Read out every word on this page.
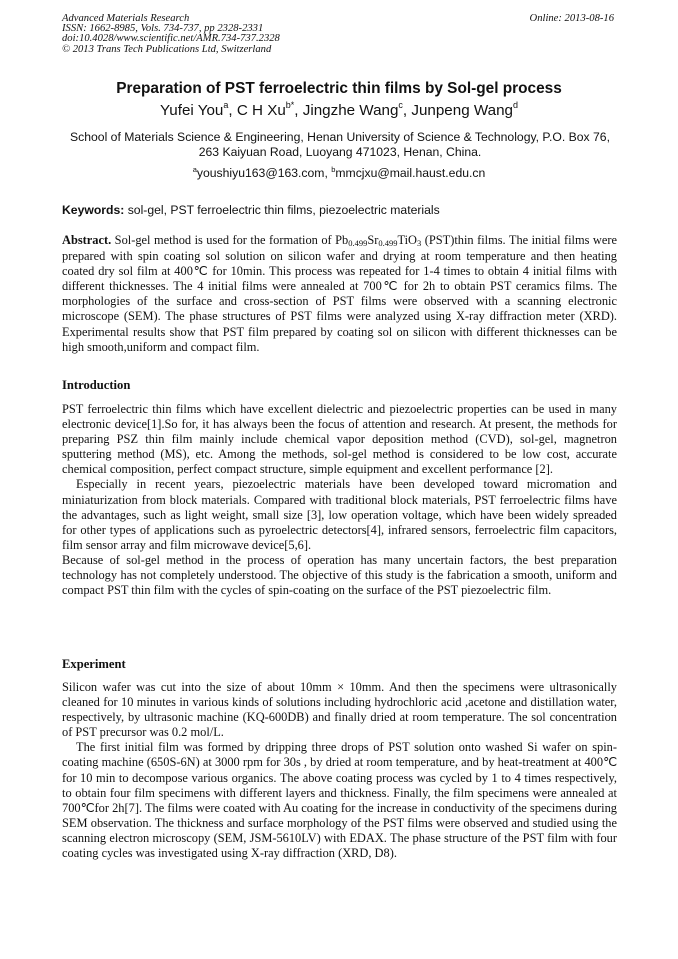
Advanced Materials Research
ISSN: 1662-8985, Vols. 734-737, pp 2328-2331
doi:10.4028/www.scientific.net/AMR.734-737.2328
© 2013 Trans Tech Publications Ltd, Switzerland
Online: 2013-08-16
Preparation of PST ferroelectric thin films by Sol-gel process
Yufei You$^a$, C H $Xu^{b*}$, Jingzhe Wang$^c$, Junpeng Wang$^d$
School of Materials Science & Engineering, Henan University of Science & Technology, P.O. Box 76, 263 Kaiyuan Road, Luoyang 471023, Henan, China.
$^a$youshiyu163@163.com, $^b$mmcjxu@mail.haust.edu.cn
Keywords: sol-gel, PST ferroelectric thin films, piezoelectric materials

Abstract. Sol-gel method is used for the formation of $Pb_{0.499}Sr_{0.499}TiO_3$ (PST)thin films. The initial films were prepared with spin coating sol solution on silicon wafer and drying at room temperature and then heating coated dry sol film at 400℃ for 10min. This process was repeated for 1-4 times to obtain 4 initial films with different thicknesses. The 4 initial films were annealed at 700℃ for 2h to obtain PST ceramics films. The morphologies of the surface and cross-section of PST films were observed with a scanning electronic microscope (SEM). The phase structures of PST films were analyzed using X-ray diffraction meter (XRD). Experimental results show that PST film prepared by coating sol on silicon with different thicknesses can be high smooth,uniform and compact film.

Introduction

PST ferroelectric thin films which have excellent dielectric and piezoelectric properties can be used in many electronic device[1].So for, it has always been the focus of attention and research. At present, the methods for preparing PSZ thin film mainly include chemical vapor deposition method (CVD), sol-gel, magnetron sputtering method (MS), etc. Among the methods, sol-gel method is considered to be low cost, accurate chemical composition, perfect compact structure, simple equipment and excellent performance [2].

Especially in recent years, piezoelectric materials have been developed toward micromation and miniaturization from block materials. Compared with traditional block materials, PST ferroelectric films have the advantages, such as light weight, small size [3], low operation voltage, which have been widely spreaded for other types of applications such as pyroelectric detectors[4], infrared sensors, ferroelectric film capacitors, film sensor array and film microwave device[5,6].

Because of sol-gel method in the process of operation has many uncertain factors, the best preparation technology has not completely understood. The objective of this study is the fabrication a smooth, uniform and compact PST thin film with the cycles of spin-coating on the surface of the PST piezoelectric film.

Experiment

Silicon wafer was cut into the size of about 10mm × 10mm. And then the specimens were ultrasonically cleaned for 10 minutes in various kinds of solutions including hydrochloric acid ,acetone and distillation water, respectively, by ultrasonic machine (KQ-600DB) and finally dried at room temperature. The sol concentration of PST precursor was 0.2 mol/L.

The first initial film was formed by dripping three drops of PST solution onto washed Si wafer on spin-coating machine (650S-6N) at 3000 rpm for 30s , by dried at room temperature, and by heat-treatment at 400℃ for 10 min to decompose various organics. The above coating process was cycled by 1 to 4 times respectively, to obtain four film specimens with different layers and thickness. Finally, the film specimens were annealed at 700℃for 2h[7]. The films were coated with Au coating for the increase in conductivity of the specimens during SEM observation. The thickness and surface morphology of the PST films were observed and studied using the scanning electron microscopy (SEM, JSM-5610LV) with EDAX. The phase structure of the PST film with four coating cycles was investigated using X-ray diffraction (XRD, D8).
